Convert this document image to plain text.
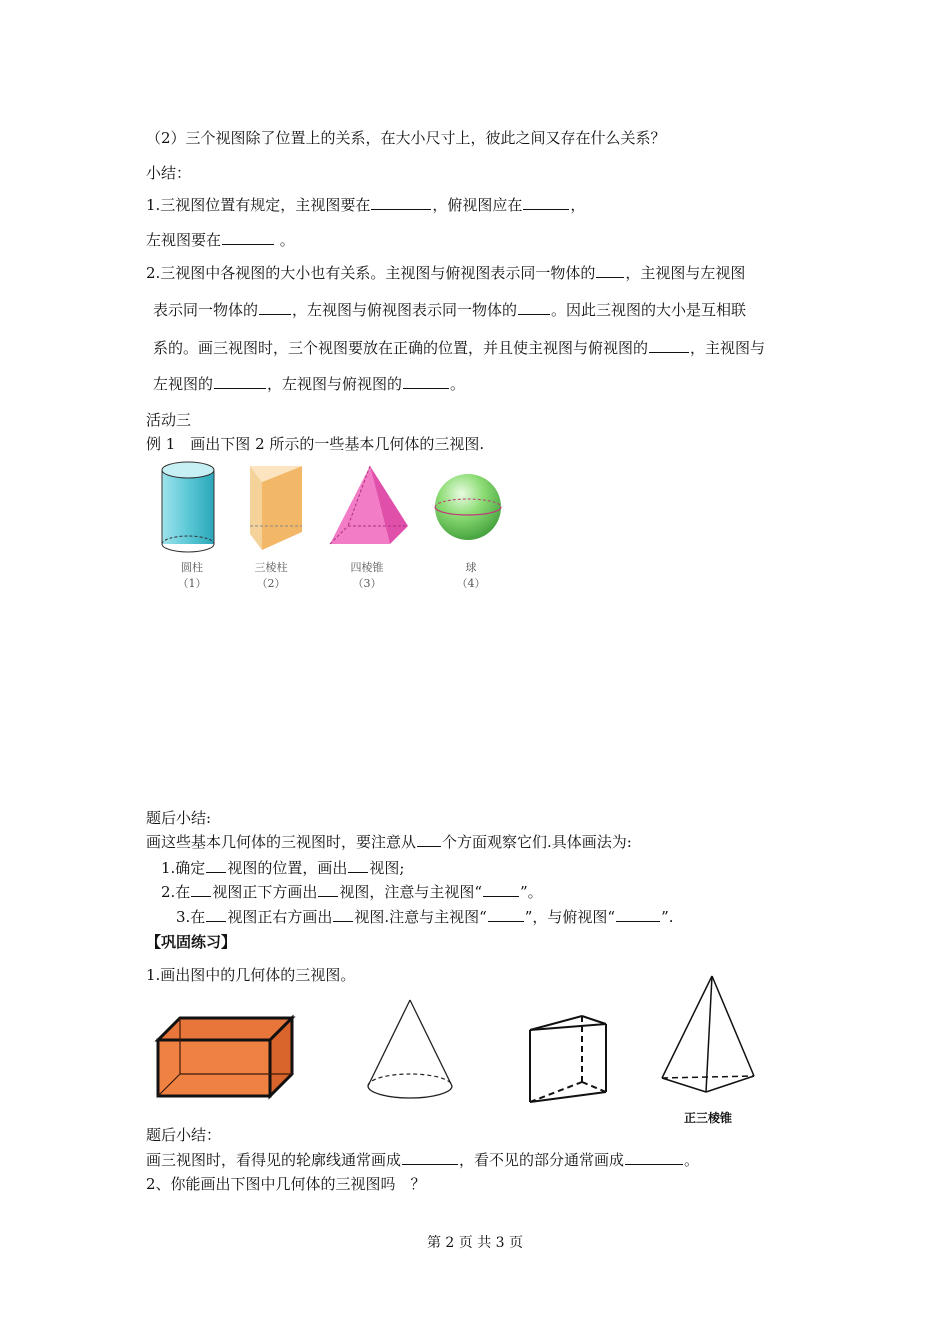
（2）三个视图除了位置上的关系，在大小尺寸上，彼此之间又存在什么关系？
小结：
1.三视图位置有规定，主视图要在	，俯视图应在	，
左视图要在	。
2.三视图中各视图的大小也有关系。主视图与俯视图表示同一物体的 ，主视图与左视图
表示同一物体的 ，左视图与俯视图表示同一物体的 。因此三视图的大小是互相联
系的。画三视图时，三个视图要放在正确的位置，并且使主视图与俯视图的	，主视图与
左视图的	，左视图与俯视图的	。
活动三
例 1　画出下图 2 所示的一些基本几何体的三视图.
圆柱
（1）
三棱柱
（2）
四棱锥
（3）
球
（4）
题后小结:
画这些基本几何体的三视图时，要注意从 个方面观察它们.具体画法为:
1.确定 视图的位置，画出 视图;
2.在 视图正下方画出 视图，注意与主视图“	”。
3.在 视图正右方画出 视图.注意与主视图“	”，与俯视图“	”.
【巩固练习】
1.画出图中的几何体的三视图。
正三棱锥
题后小结：
画三视图时，看得见的轮廓线通常画成	，看不见的部分通常画成	。
2、你能画出下图中几何体的三视图吗　？
第 2 页 共 3 页
